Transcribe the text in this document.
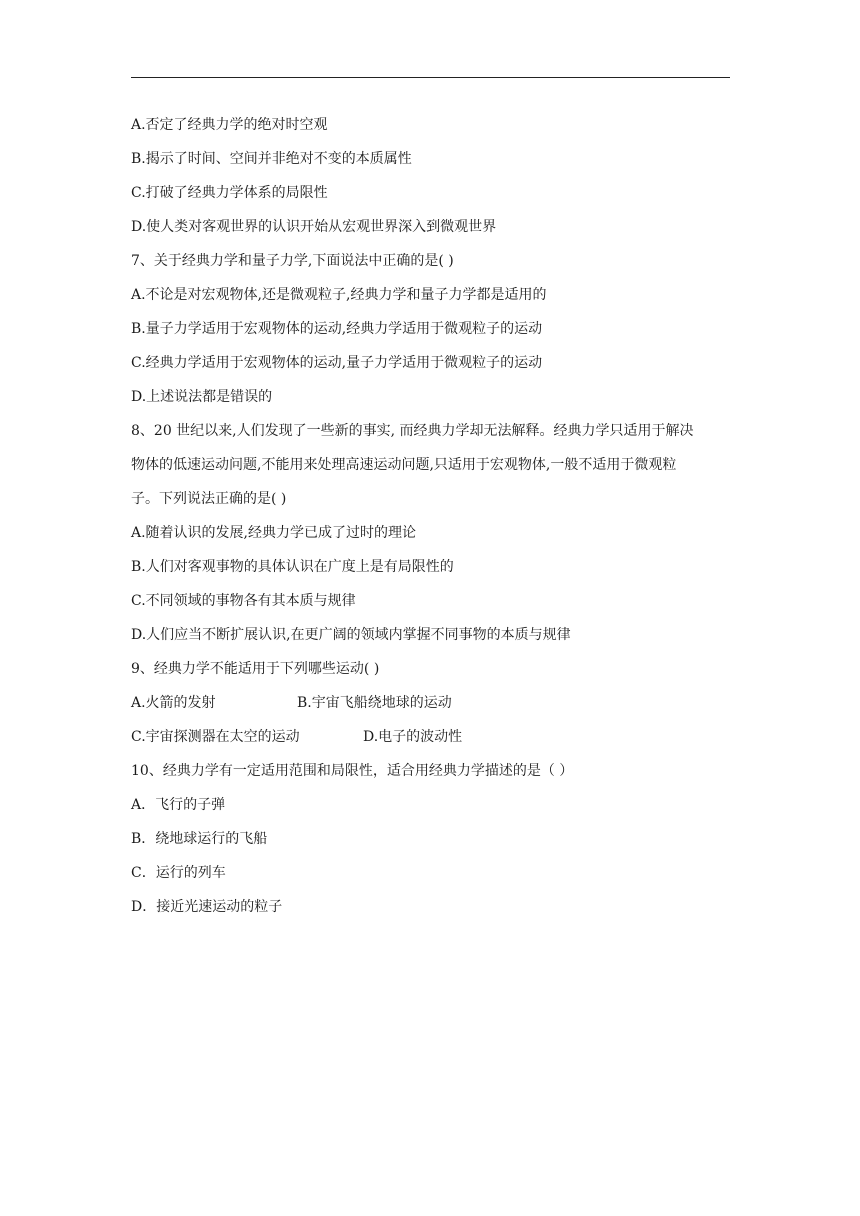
A.否定了经典力学的绝对时空观
B.揭示了时间、空间并非绝对不变的本质属性
C.打破了经典力学体系的局限性
D.使人类对客观世界的认识开始从宏观世界深入到微观世界
7、关于经典力学和量子力学,下面说法中正确的是( )
A.不论是对宏观物体,还是微观粒子,经典力学和量子力学都是适用的
B.量子力学适用于宏观物体的运动,经典力学适用于微观粒子的运动
C.经典力学适用于宏观物体的运动,量子力学适用于微观粒子的运动
D.上述说法都是错误的
8、20 世纪以来,人们发现了一些新的事实, 而经典力学却无法解释。经典力学只适用于解决
物体的低速运动问题,不能用来处理高速运动问题,只适用于宏观物体,一般不适用于微观粒
子。下列说法正确的是( )
A.随着认识的发展,经典力学已成了过时的理论
B.人们对客观事物的具体认识在广度上是有局限性的
C.不同领域的事物各有其本质与规律
D.人们应当不断扩展认识,在更广阔的领域内掌握不同事物的本质与规律
9、经典力学不能适用于下列哪些运动( )
A.火箭的发射	B.宇宙飞船绕地球的运动
C.宇宙探测器在太空的运动	D.电子的波动性
10、经典力学有一定适用范围和局限性，适合用经典力学描述的是（ ）
A．飞行的子弹
B．绕地球运行的飞船
C．运行的列车
D．接近光速运动的粒子
